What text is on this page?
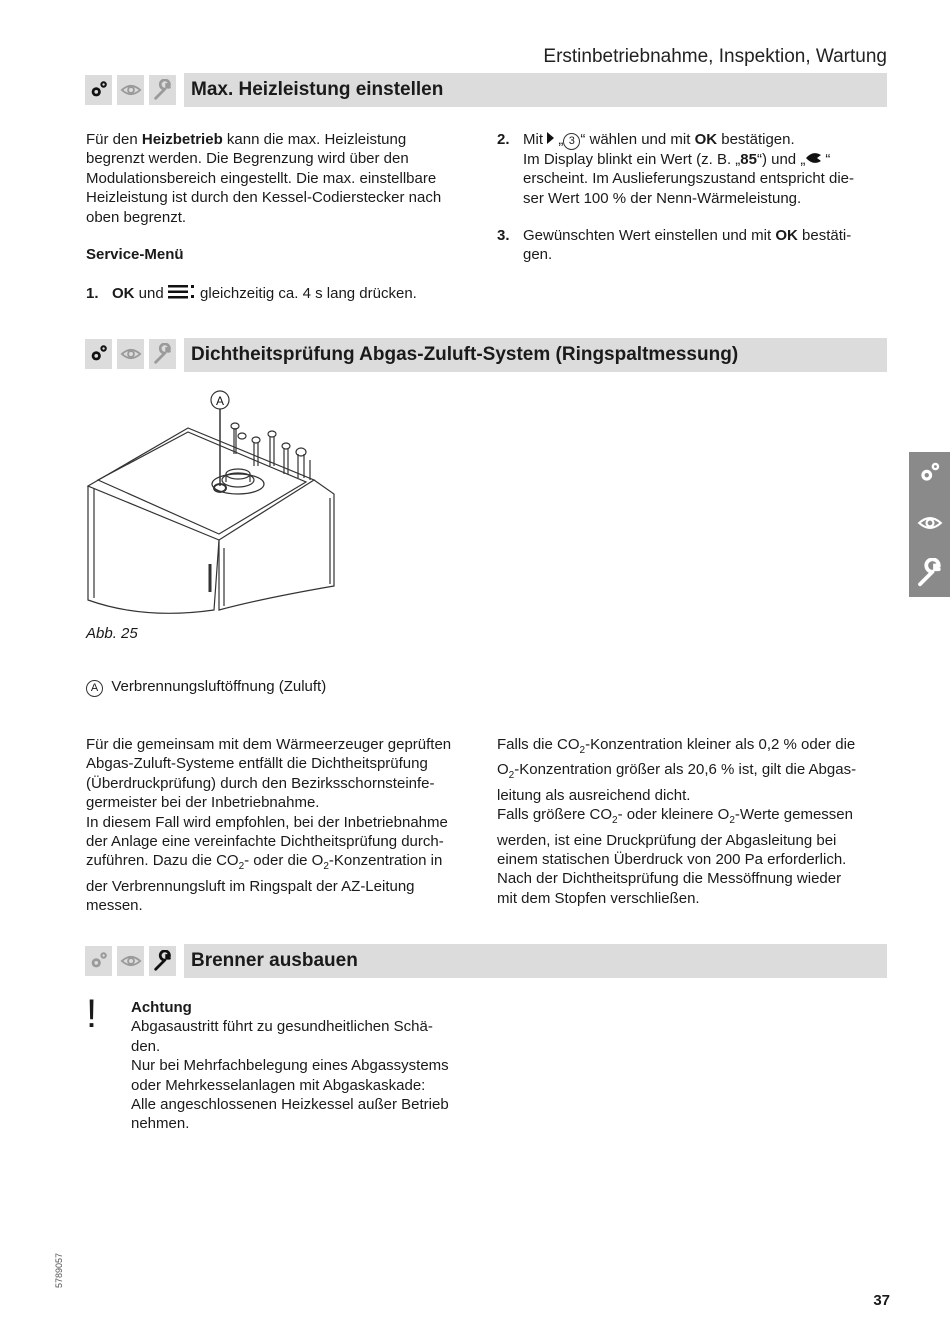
Erstinbetriebnahme, Inspektion, Wartung
Max. Heizleistung einstellen
Für den Heizbetrieb kann die max. Heizleistung
begrenzt werden. Die Begrenzung wird über den
Modulationsbereich eingestellt. Die max. einstellbare
Heizleistung ist durch den Kessel-Codierstecker nach
oben begrenzt.
Service-Menü
1. OK und  gleichzeitig ca. 4 s lang drücken.
2. Mit  „ 3 “ wählen und mit OK bestätigen.
Im Display blinkt ein Wert (z. B. „85“) und „ “
erscheint. Im Auslieferungszustand entspricht die-
ser Wert 100 % der Nenn-Wärmeleistung.
3. Gewünschten Wert einstellen und mit OK bestäti-
gen.
Dichtheitsprüfung Abgas-Zuluft-System (Ringspaltmessung)
A
Abb. 25
A Verbrennungsluftöffnung (Zuluft)
Für die gemeinsam mit dem Wärmeerzeuger geprüften
Abgas-Zuluft-Systeme entfällt die Dichtheitsprüfung
(Überdruckprüfung) durch den Bezirksschornsteinfe-
germeister bei der Inbetriebnahme.
In diesem Fall wird empfohlen, bei der Inbetriebnahme
der Anlage eine vereinfachte Dichtheitsprüfung durch-
zuführen. Dazu die $CO_2-$ oder die $O_2$-Konzentration in
der Verbrennungsluft im Ringspalt der AZ-Leitung
messen.
Falls die $CO_2$-Konzentration kleiner als 0,2 % oder die
$O_2$-Konzentration größer als 20,6 % ist, gilt die Abgas-
leitung als ausreichend dicht.
Falls größere $CO_2-$ oder kleinere $O_2$-Werte gemessen
werden, ist eine Druckprüfung der Abgasleitung bei
einem statischen Überdruck von 200 Pa erforderlich.
Nach der Dichtheitsprüfung die Messöffnung wieder
mit dem Stopfen verschließen.
Brenner ausbauen
! Achtung
Abgasaustritt führt zu gesundheitlichen Schä-
den.
Nur bei Mehrfachbelegung eines Abgassystems
oder Mehrkesselanlagen mit Abgaskaskade:
Alle angeschlossenen Heizkessel außer Betrieb
nehmen.
5789057
37
